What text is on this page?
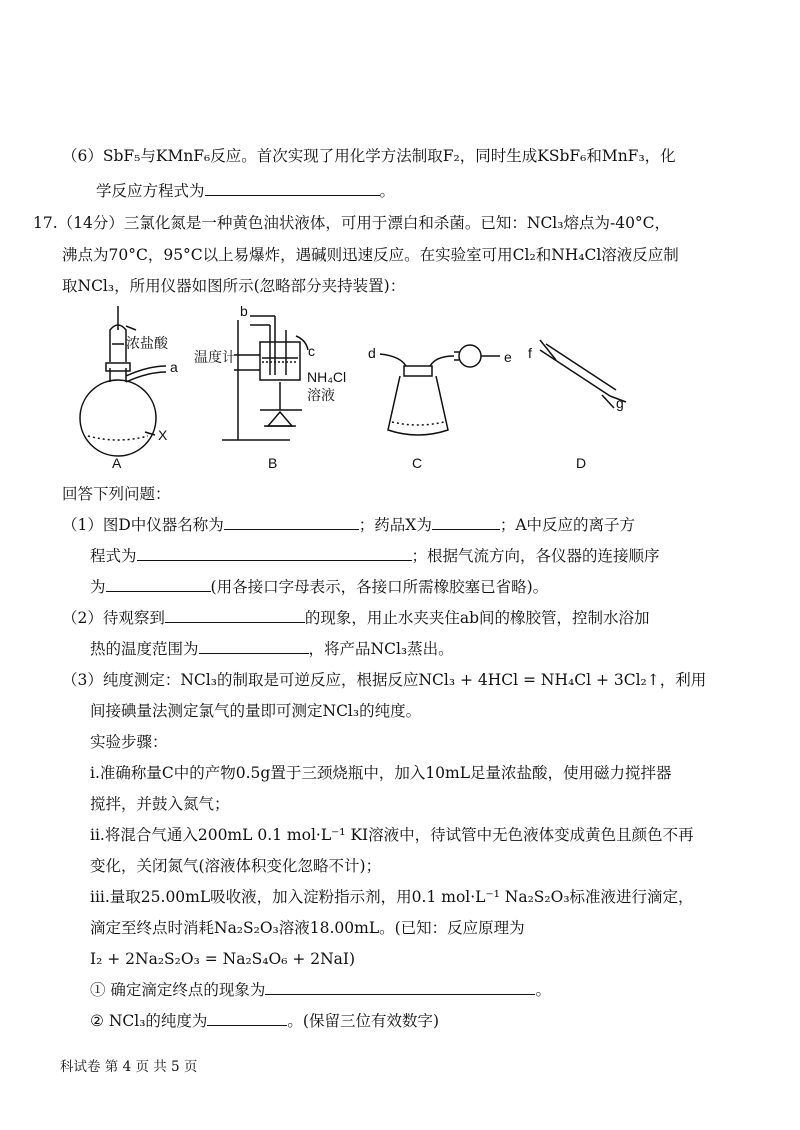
（6）SbF₅与KMnF₆反应。首次实现了用化学方法制取F₂，同时生成KSbF₆和MnF₃，化
学反应方程式为	。
17.（14分）三氯化氮是一种黄色油状液体，可用于漂白和杀菌。已知：NCl₃熔点为-40°C，
沸点为70°C，95°C以上易爆炸，遇碱则迅速反应。在实验室可用Cl₂和NH₄Cl溶液反应制
取NCl₃，所用仪器如图所示(忽略部分夹持装置)：
浓盐酸
a
X
A
b
温度计	c
NH₄Cl
溶液
B
d	e
C
f
g
D
回答下列问题：
（1）图D中仪器名称为	；药品X为	；A中反应的离子方
程式为	；根据气流方向，各仪器的连接顺序
为	(用各接口字母表示，各接口所需橡胶塞已省略)。
（2）待观察到	的现象，用止水夹夹住ab间的橡胶管，控制水浴加
热的温度范围为	，将产品NCl₃蒸出。
（3）纯度测定：NCl₃的制取是可逆反应，根据反应NCl₃ + 4HCl = NH₄Cl + 3Cl₂↑，利用
间接碘量法测定氯气的量即可测定NCl₃的纯度。
实验步骤：
i.准确称量C中的产物0.5g置于三颈烧瓶中，加入10mL足量浓盐酸，使用磁力搅拌器
搅拌，并鼓入氮气；
ii.将混合气通入200mL 0.1 mol·L⁻¹ KI溶液中，待试管中无色液体变成黄色且颜色不再
变化，关闭氮气(溶液体积变化忽略不计)；
iii.量取25.00mL吸收液，加入淀粉指示剂，用0.1 mol·L⁻¹ Na₂S₂O₃标准液进行滴定，
滴定至终点时消耗Na₂S₂O₃溶液18.00mL。(已知：反应原理为
I₂ + 2Na₂S₂O₃ = Na₂S₄O₆ + 2NaI)
① 确定滴定终点的现象为	。
② NCl₃的纯度为	。(保留三位有效数字)
科试卷 第 4 页 共 5 页
